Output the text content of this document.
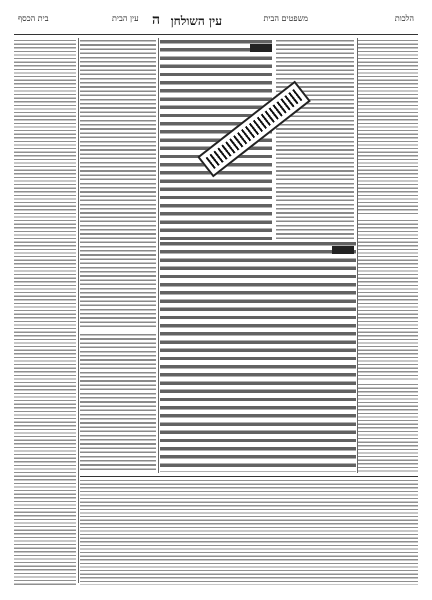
הלכות
משפטים הבית
עין השולחן
עין הבית
בית הכסף	ה
